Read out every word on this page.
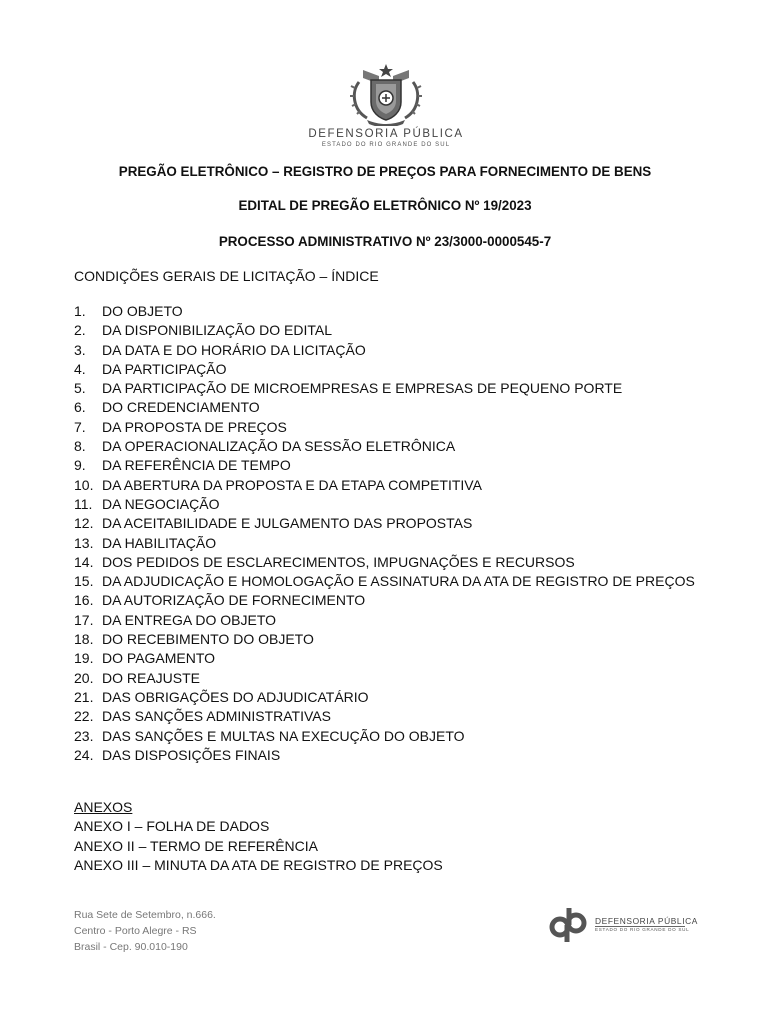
DEFENSORIA PÚBLICA
ESTADO DO RIO GRANDE DO SUL
PREGÃO ELETRÔNICO – REGISTRO DE PREÇOS PARA FORNECIMENTO DE BENS
EDITAL DE PREGÃO ELETRÔNICO Nº 19/2023
PROCESSO ADMINISTRATIVO Nº 23/3000-0000545-7
CONDIÇÕES GERAIS DE LICITAÇÃO – ÍNDICE
1.	DO OBJETO
2.	DA DISPONIBILIZAÇÃO DO EDITAL
3.	DA DATA E DO HORÁRIO DA LICITAÇÃO
4.	DA PARTICIPAÇÃO
5.	DA PARTICIPAÇÃO DE MICROEMPRESAS E EMPRESAS DE PEQUENO PORTE
6.	DO CREDENCIAMENTO
7.	DA PROPOSTA DE PREÇOS
8.	DA OPERACIONALIZAÇÃO DA SESSÃO ELETRÔNICA
9.	DA REFERÊNCIA DE TEMPO
10. DA ABERTURA DA PROPOSTA E DA ETAPA COMPETITIVA
11. DA NEGOCIAÇÃO
12. DA ACEITABILIDADE E JULGAMENTO DAS PROPOSTAS
13. DA HABILITAÇÃO
14. DOS PEDIDOS DE ESCLARECIMENTOS, IMPUGNAÇÕES E RECURSOS
15. DA ADJUDICAÇÃO E HOMOLOGAÇÃO E ASSINATURA DA ATA DE REGISTRO DE PREÇOS
16. DA AUTORIZAÇÃO DE FORNECIMENTO
17. DA ENTREGA DO OBJETO
18. DO RECEBIMENTO DO OBJETO
19. DO PAGAMENTO
20. DO REAJUSTE
21. DAS OBRIGAÇÕES DO ADJUDICATÁRIO
22. DAS SANÇÕES ADMINISTRATIVAS
23. DAS SANÇÕES E MULTAS NA EXECUÇÃO DO OBJETO
24. DAS DISPOSIÇÕES FINAIS
ANEXOS
ANEXO I – FOLHA DE DADOS
ANEXO II – TERMO DE REFERÊNCIA
ANEXO III – MINUTA DA ATA DE REGISTRO DE PREÇOS
Rua Sete de Setembro, n.666.
Centro - Porto Alegre - RS
Brasil - Cep. 90.010-190
DEFENSORIA PÚBLICA
ESTADO DO RIO GRANDE DO SUL
